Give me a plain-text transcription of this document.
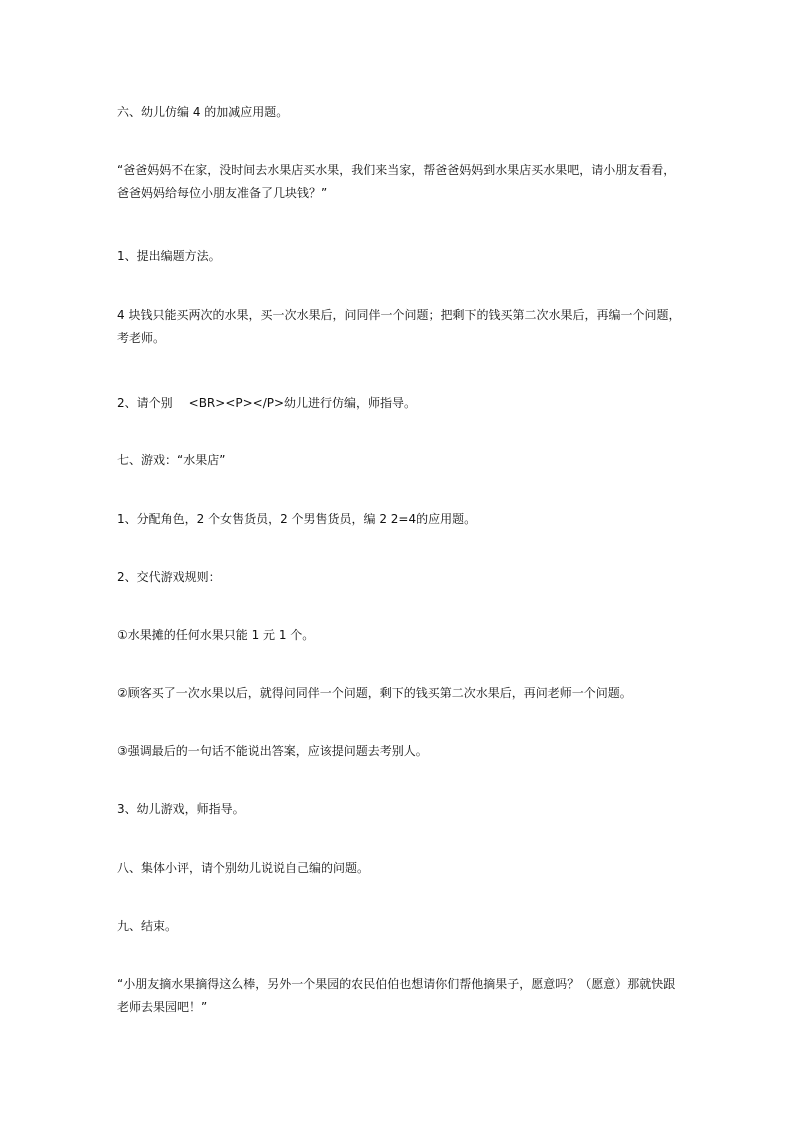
六、幼儿仿编 4 的加减应用题。

“爸爸妈妈不在家，没时间去水果店买水果，我们来当家，帮爸爸妈妈到水果店买水果吧，请小朋友看看，
爸爸妈妈给每位小朋友准备了几块钱？”

1、提出编题方法。

4 块钱只能买两次的水果，买一次水果后，问同伴一个问题；把剩下的钱买第二次水果后，再编一个问题，
考老师。

2、请个别 <BR><P></P>幼儿进行仿编，师指导。

七、游戏：“水果店”

1、分配角色，2 个女售货员，2 个男售货员，编 2 2=4的应用题。

2、交代游戏规则：

①水果摊的任何水果只能 1 元 1 个。

②顾客买了一次水果以后，就得问同伴一个问题，剩下的钱买第二次水果后，再问老师一个问题。

③强调最后的一句话不能说出答案，应该提问题去考别人。

3、幼儿游戏，师指导。

八、集体小评，请个别幼儿说说自己编的问题。

九、结束。

“小朋友摘水果摘得这么棒，另外一个果园的农民伯伯也想请你们帮他摘果子，愿意吗？（愿意）那就快跟
老师去果园吧！”
